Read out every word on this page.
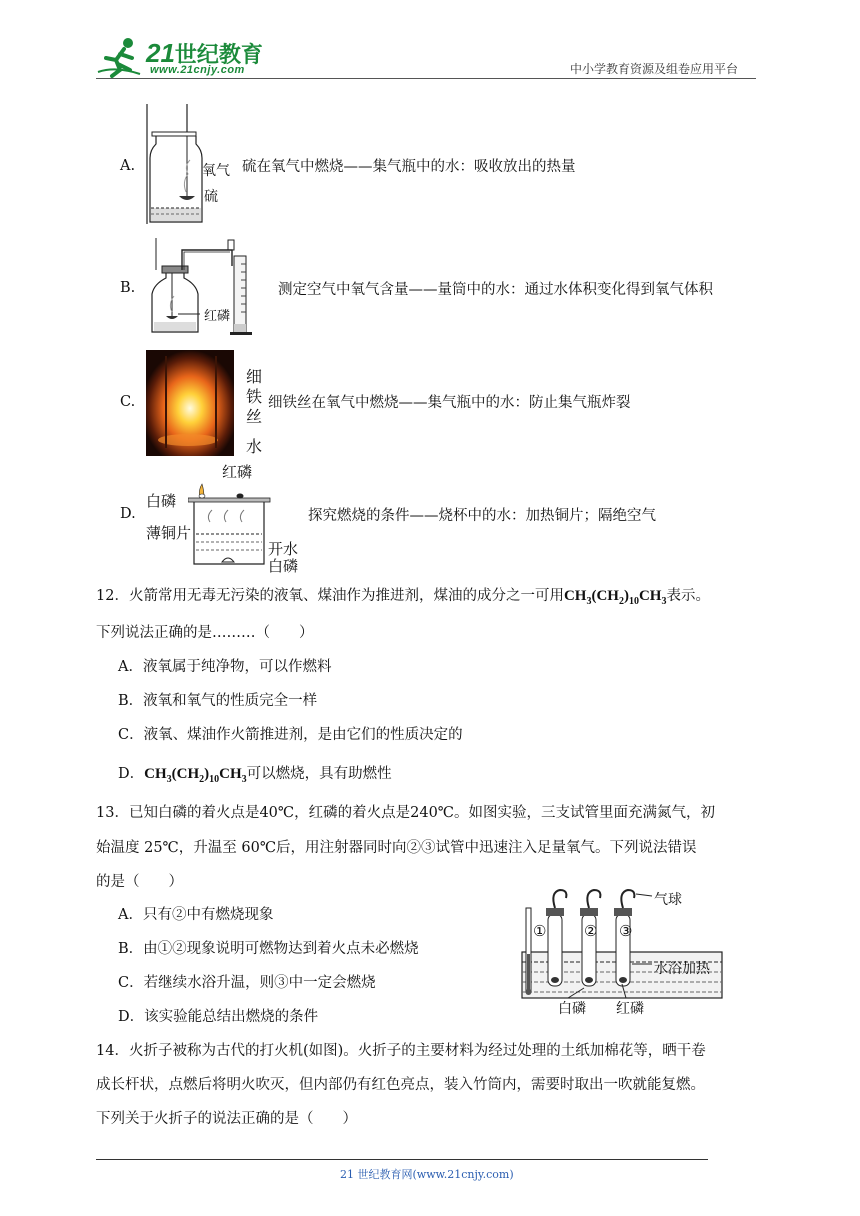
21世纪教育
www.21cnjy.com	中小学教育资源及组卷应用平台
A.	氧气
硫
硫在氧气中燃烧——集气瓶中的水：吸收放出的热量
B.
红磷
测定空气中氧气含量——量筒中的水：通过水体积变化得到氧气体积
C.
细
铁
丝
水
细铁丝在氧气中燃烧——集气瓶中的水：防止集气瓶炸裂
D.
红磷
白磷
薄铜片
开水
白磷
探究燃烧的条件——烧杯中的水：加热铜片；隔绝空气
12．火箭常用无毒无污染的液氧、煤油作为推进剂，煤油的成分之一可用$CH_3(CH_2)_{10}CH_3$表示。
下列说法正确的是………（　　）
A．液氧属于纯净物，可以作燃料
B．液氧和氧气的性质完全一样
C．液氧、煤油作火箭推进剂，是由它们的性质决定的
D．$CH_3(CH_2)_{10}CH_3$可以燃烧，具有助燃性
13．已知白磷的着火点是40℃，红磷的着火点是240℃。如图实验，三支试管里面充满氮气，初
始温度 25℃，升温至 60℃后，用注射器同时向②③试管中迅速注入足量氧气。下列说法错误
的是（　　）
A．只有②中有燃烧现象
B．由①②现象说明可燃物达到着火点未必燃烧
C．若继续水浴升温，则③中一定会燃烧
D．该实验能总结出燃烧的条件
①	② ③
气球
水浴加热
白磷 红磷
14．火折子被称为古代的打火机(如图)。火折子的主要材料为经过处理的土纸加棉花等，晒干卷
成长杆状，点燃后将明火吹灭，但内部仍有红色亮点，装入竹筒内，需要时取出一吹就能复燃。
下列关于火折子的说法正确的是（　　）
21 世纪教育网(www.21cnjy.com)
